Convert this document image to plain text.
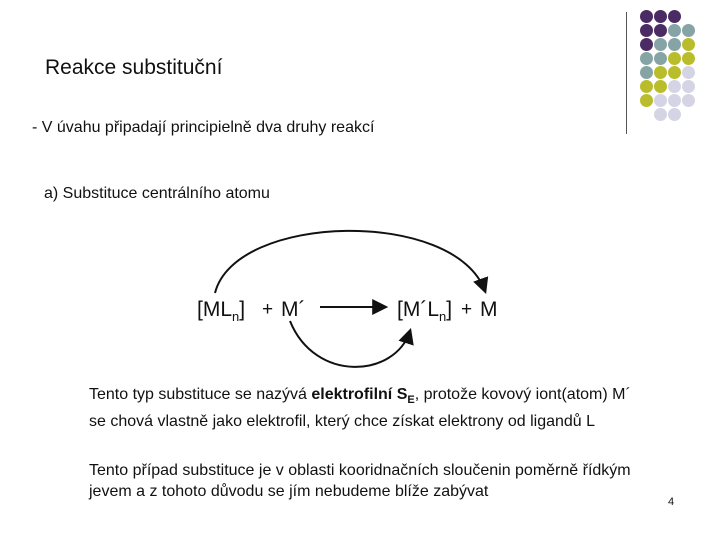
Reakce substituční
- V úvahu připadají principielně dva druhy reakcí
a) Substituce centrálního atomu
$[ML_n]$ + M´	$[M´L_n] + M$
Tento typ substituce se nazývá elektrofilní $S_E$, protože kovový iont(atom) M´ se chová vlastně jako elektrofil, který chce získat elektrony od ligandů L
Tento případ substituce je v oblasti kooridnačních sloučenin poměrně řídkým jevem a z tohoto důvodu se jím nebudeme blíže zabývat
4
